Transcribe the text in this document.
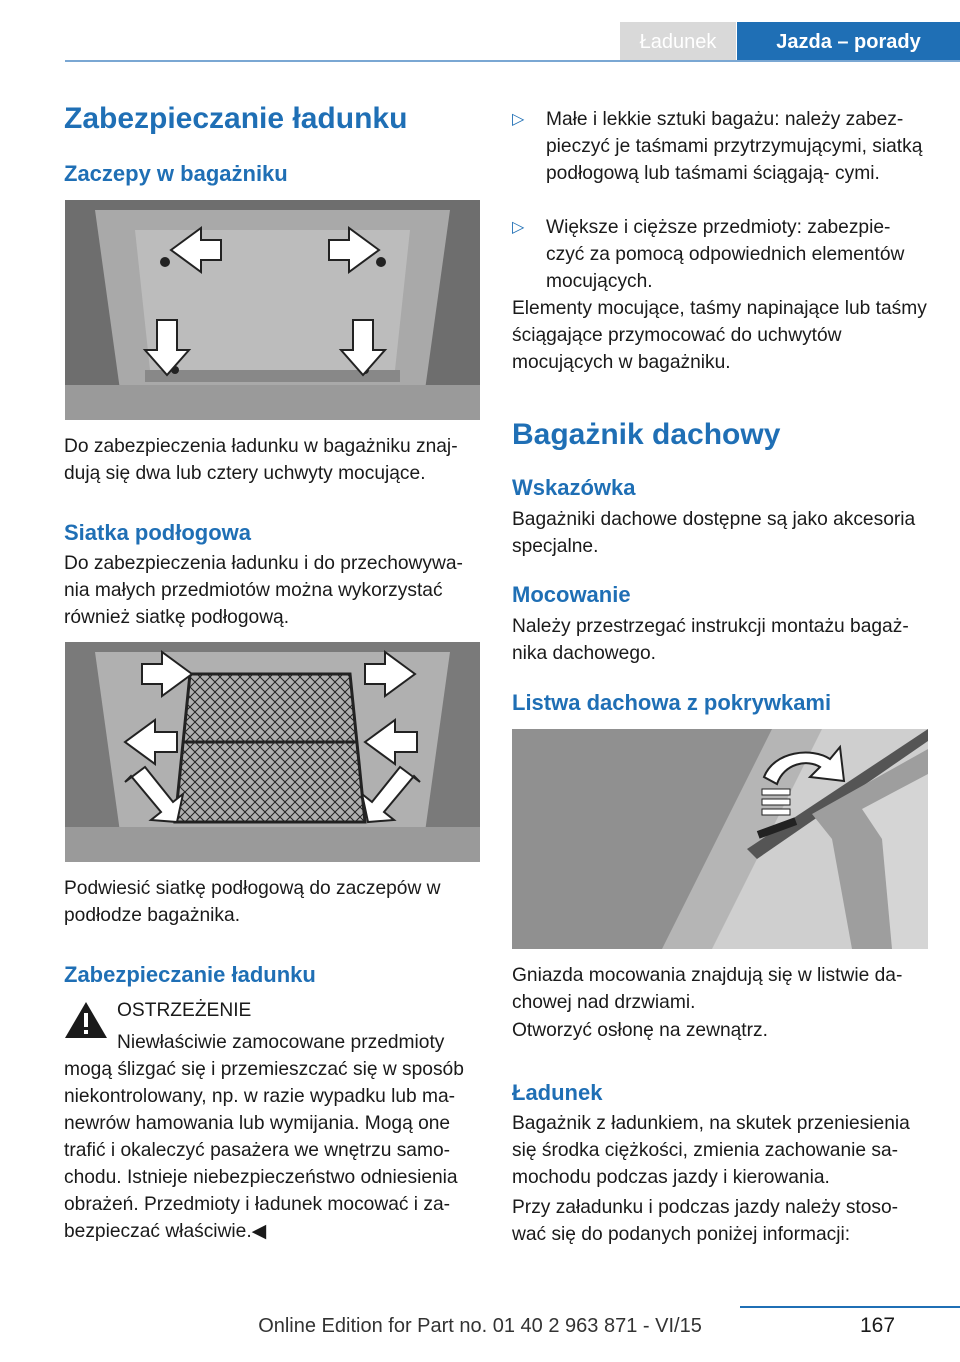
Ładunek	Jazda – porady
Zabezpieczanie ładunku
Zaczepy w bagażniku
Do zabezpieczenia ładunku w bagażniku znaj‐ dują się dwa lub cztery uchwyty mocujące.
Siatka podłogowa
Do zabezpieczenia ładunku i do przechowywa‐ nia małych przedmiotów można wykorzystać również siatkę podłogową.
Podwiesić siatkę podłogową do zaczepów w podłodze bagażnika.
Zabezpieczanie ładunku
OSTRZEŻENIE
Niewłaściwie zamocowane przedmioty
mogą ślizgać się i przemieszczać się w sposób niekontrolowany, np. w razie wypadku lub ma‐ newrów hamowania lub wymijania. Mogą one trafić i okaleczyć pasażera we wnętrzu samo‐ chodu. Istnieje niebezpieczeństwo odniesienia obrażeń. Przedmioty i ładunek mocować i za‐ bezpieczać właściwie.◀
▷ Małe i lekkie sztuki bagażu: należy zabez‐ pieczyć je taśmami przytrzymującymi, siatką podłogową lub taśmami ściągają‐ cymi.
▷ Większe i cięższe przedmioty: zabezpie‐ czyć za pomocą odpowiednich elementów mocujących.
Elementy mocujące, taśmy napinające lub taśmy ściągające przymocować do uchwytów mocujących w bagażniku.
Bagażnik dachowy
Wskazówka
Bagażniki dachowe dostępne są jako akcesoria specjalne.
Mocowanie
Należy przestrzegać instrukcji montażu bagaż‐ nika dachowego.
Listwa dachowa z pokrywkami
Gniazda mocowania znajdują się w listwie da‐ chowej nad drzwiami.
Otworzyć osłonę na zewnątrz.
Ładunek
Bagażnik z ładunkiem, na skutek przeniesienia się środka ciężkości, zmienia zachowanie sa‐ mochodu podczas jazdy i kierowania.
Przy załadunku i podczas jazdy należy stoso‐ wać się do podanych poniżej informacji:
167
Online Edition for Part no. 01 40 2 963 871 - VI/15
